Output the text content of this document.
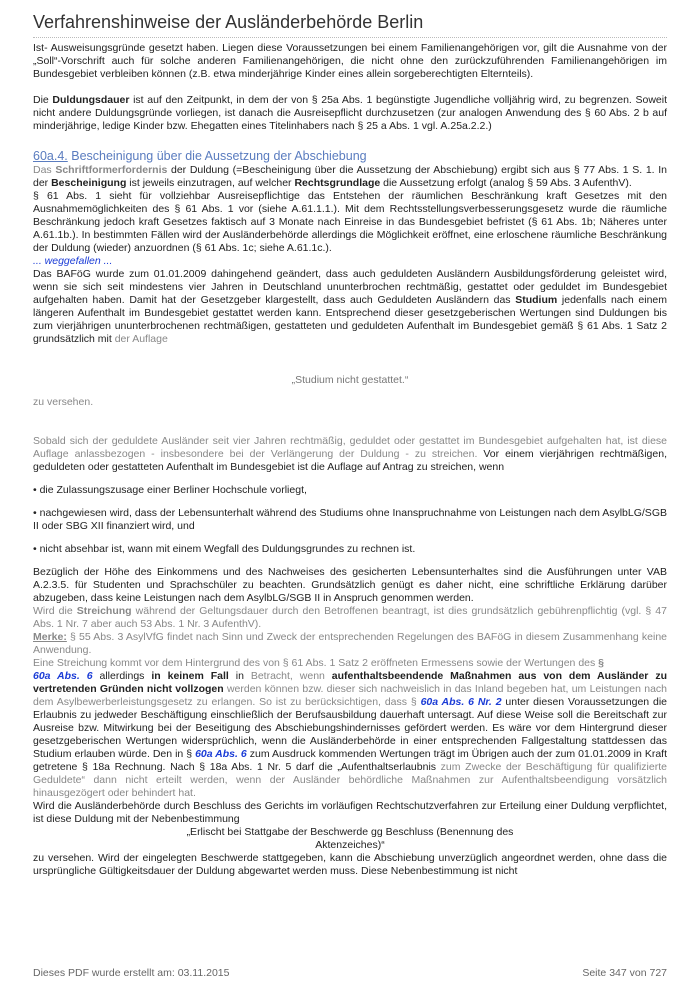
Verfahrenshinweise der Ausländerbehörde Berlin

Ist- Ausweisungsgründe gesetzt haben. Liegen diese Voraussetzungen bei einem Familienangehörigen vor, gilt die Ausnahme von der „Soll“-Vorschrift auch für solche anderen Familienangehörigen, die nicht ohne den zurückzuführenden Familienangehörigen im Bundesgebiet verbleiben können (z.B. etwa minderjährige Kinder eines allein sorgeberechtigten Elternteils).

Die Duldungsdauer ist auf den Zeitpunkt, in dem der von § 25a Abs. 1 begünstigte Jugendliche volljährig wird, zu begrenzen. Soweit nicht andere Duldungsgründe vorliegen, ist danach die Ausreisepflicht durchzusetzen (zur analogen Anwendung des § 60 Abs. 2 b auf minderjährige, ledige Kinder bzw. Ehegatten eines Titelinhabers nach § 25 a Abs. 1 vgl. A.25a.2.2.)

60a.4. Bescheinigung über die Aussetzung der Abschiebung

Das Schriftformerfordernis der Duldung (=Bescheinigung über die Aussetzung der Abschiebung) ergibt sich aus § 77 Abs. 1 S. 1. In der Bescheinigung ist jeweils einzutragen, auf welcher Rechtsgrundlage die Aussetzung erfolgt (analog § 59 Abs. 3 AufenthV).

§ 61 Abs. 1 sieht für vollziehbar Ausreisepflichtige das Entstehen der räumlichen Beschränkung kraft Gesetzes mit den Ausnahmemöglichkeiten des § 61 Abs. 1 vor (siehe A.61.1.1.). Mit dem Rechtsstellungsverbesserungsgesetz wurde die räumliche Beschränkung jedoch kraft Gesetzes faktisch auf 3 Monate nach Einreise in das Bundesgebiet befristet (§ 61 Abs. 1b; Näheres unter A.61.1b.). In bestimmten Fällen wird der Ausländerbehörde allerdings die Möglichkeit eröffnet, eine erloschene räumliche Beschränkung der Duldung (wieder) anzuordnen (§ 61 Abs. 1c; siehe A.61.1c.).

... weggefallen ...

Das BAFöG wurde zum 01.01.2009 dahingehend geändert, dass auch geduldeten Ausländern Ausbildungsförderung geleistet wird, wenn sie sich seit mindestens vier Jahren in Deutschland ununterbrochen rechtmäßig, gestattet oder geduldet im Bundesgebiet aufgehalten haben. Damit hat der Gesetzgeber klargestellt, dass auch Geduldeten Ausländern das Studium jedenfalls nach einem längeren Aufenthalt im Bundesgebiet gestattet werden kann. Entsprechend dieser gesetzgeberischen Wertungen sind Duldungen bis zum vierjährigen ununterbrochenen rechtmäßigen, gestatteten und geduldeten Aufenthalt im Bundesgebiet gemäß § 61 Abs. 1 Satz 2 grundsätzlich mit der Auflage

„Studium nicht gestattet.“

zu versehen.

Sobald sich der geduldete Ausländer seit vier Jahren rechtmäßig, geduldet oder gestattet im Bundesgebiet aufgehalten hat, ist diese Auflage anlassbezogen - insbesondere bei der Verlängerung der Duldung - zu streichen. Vor einem vierjährigen rechtmäßigen, geduldeten oder gestatteten Aufenthalt im Bundesgebiet ist die Auflage auf Antrag zu streichen, wenn

• die Zulassungszusage einer Berliner Hochschule vorliegt,

• nachgewiesen wird, dass der Lebensunterhalt während des Studiums ohne Inanspruchnahme von Leistungen nach dem AsylbLG/SGB II oder SBG XII finanziert wird, und

• nicht absehbar ist, wann mit einem Wegfall des Duldungsgrundes zu rechnen ist.

Bezüglich der Höhe des Einkommens und des Nachweises des gesicherten Lebensunterhaltes sind die Ausführungen unter VAB A.2.3.5. für Studenten und Sprachschüler zu beachten. Grundsätzlich genügt es daher nicht, eine schriftliche Erklärung darüber abzugeben, dass keine Leistungen nach dem AsylbLG/SGB II in Anspruch genommen werden.

Wird die Streichung während der Geltungsdauer durch den Betroffenen beantragt, ist dies grundsätzlich gebührenpflichtig (vgl. § 47 Abs. 1 Nr. 7 aber auch 53 Abs. 1 Nr. 3 AufenthV).

Merke: § 55 Abs. 3 AsylVfG findet nach Sinn und Zweck der entsprechenden Regelungen des BAFöG in diesem Zusammenhang keine Anwendung.

Eine Streichung kommt vor dem Hintergrund des von § 61 Abs. 1 Satz 2 eröffneten Ermessens sowie der Wertungen des §
60a Abs. 6 allerdings in keinem Fall in Betracht, wenn aufenthaltsbeendende Maßnahmen aus von dem Ausländer zu vertretenden Gründen nicht vollzogen werden können bzw. dieser sich nachweislich in das Inland begeben hat, um Leistungen nach dem Asylbewerberleistungsgesetz zu erlangen. So ist zu berücksichtigen, dass § 60a Abs. 6 Nr. 2 unter diesen Voraussetzungen die Erlaubnis zu jedweder Beschäftigung einschließlich der Berufsausbildung dauerhaft untersagt. Auf diese Weise soll die Bereitschaft zur Ausreise bzw. Mitwirkung bei der Beseitigung des Abschiebungshindernisses gefördert werden. Es wäre vor dem Hintergrund dieser gesetzgeberischen Wertungen widersprüchlich, wenn die Ausländerbehörde in einer entsprechenden Fallgestaltung stattdessen das Studium erlauben würde. Den in § 60a Abs. 6 zum Ausdruck kommenden Wertungen trägt im Übrigen auch der zum 01.01.2009 in Kraft getretene § 18a Rechnung. Nach § 18a Abs. 1 Nr. 5 darf die „Aufenthaltserlaubnis zum Zwecke der Beschäftigung für qualifizierte Geduldete“ dann nicht erteilt werden, wenn der Ausländer behördliche Maßnahmen zur Aufenthaltsbeendigung vorsätzlich hinausgezögert oder behindert hat.

Wird die Ausländerbehörde durch Beschluss des Gerichts im vorläufigen Rechtschutzverfahren zur Erteilung einer Duldung verpflichtet, ist diese Duldung mit der Nebenbestimmung

„Erlischt bei Stattgabe der Beschwerde gg Beschluss (Benennung des Aktenzeiches)“

zu versehen. Wird der eingelegten Beschwerde stattgegeben, kann die Abschiebung unverzüglich angeordnet werden, ohne dass die ursprüngliche Gültigkeitsdauer der Duldung abgewartet werden muss. Diese Nebenbestimmung ist nicht

Dieses PDF wurde erstellt am: 03.11.2015	Seite 347 von 727
